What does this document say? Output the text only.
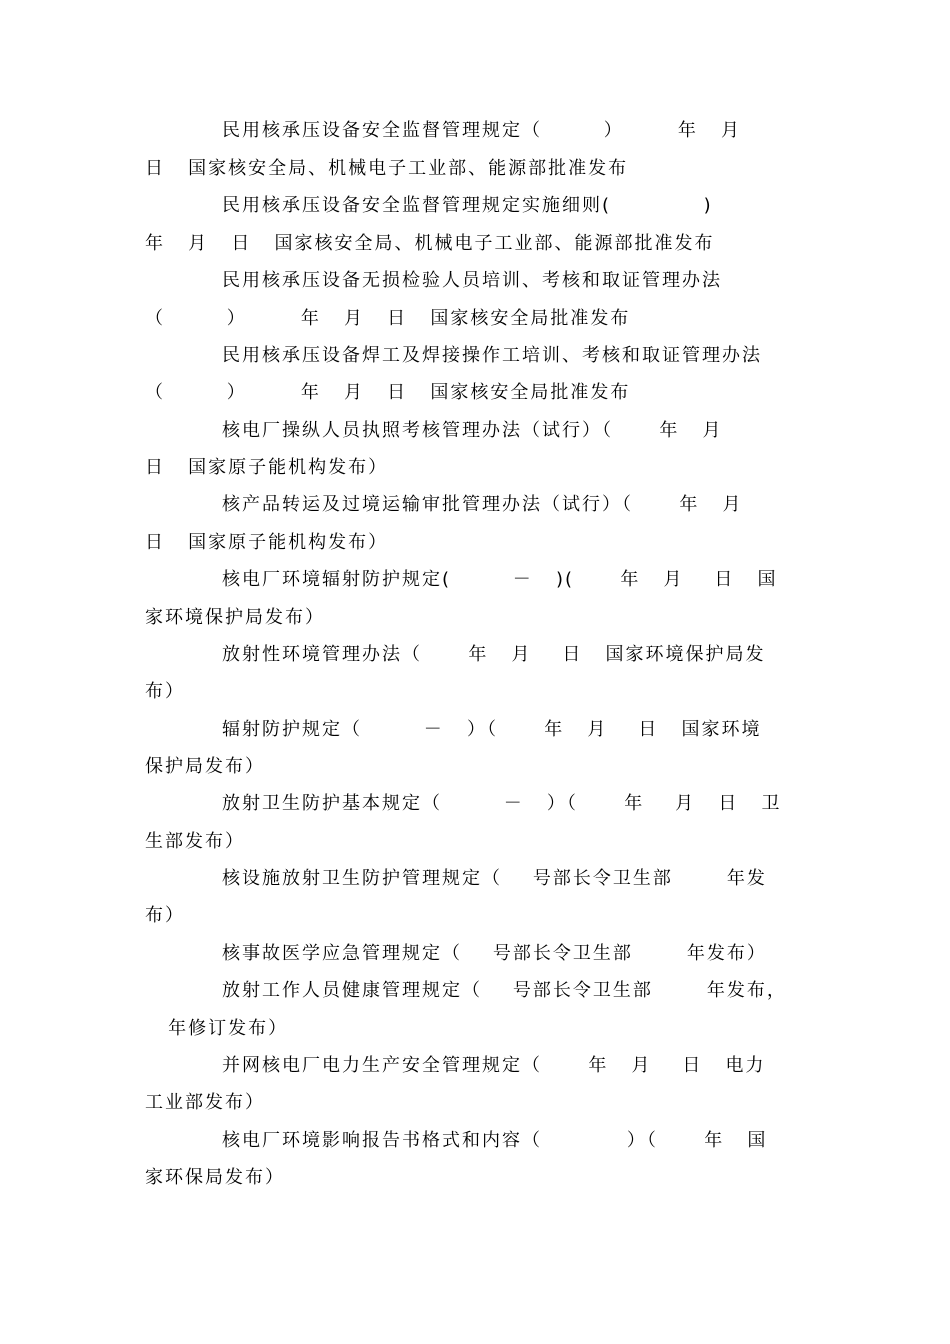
民用核承压设备安全监督管理规定（        ）       年   月
日   国家核安全局、机械电子工业部、能源部批准发布
民用核承压设备安全监督管理规定实施细则(            )
年   月   日   国家核安全局、机械电子工业部、能源部批准发布
民用核承压设备无损检验人员培训、考核和取证管理办法
（        ）       年   月   日   国家核安全局批准发布
民用核承压设备焊工及焊接操作工培训、考核和取证管理办法
（        ）       年   月   日   国家核安全局批准发布
核电厂操纵人员执照考核管理办法（试行）（      年   月
日   国家原子能机构发布）
核产品转运及过境运输审批管理办法（试行）（      年   月
日   国家原子能机构发布）
核电厂环境辐射防护规定(        －   )(      年   月    日   国
家环境保护局发布）
放射性环境管理办法（      年   月    日   国家环境保护局发
布）
辐射防护规定（        －   ）（      年   月    日   国家环境
保护局发布）
放射卫生防护基本规定（        －   ）（      年    月   日   卫
生部发布）
核设施放射卫生防护管理规定（    号部长令卫生部       年发
布）
核事故医学应急管理规定（    号部长令卫生部       年发布）
放射工作人员健康管理规定（    号部长令卫生部       年发布，
年修订发布）
并网核电厂电力生产安全管理规定（      年   月    日   电力
工业部发布）
核电厂环境影响报告书格式和内容（           ）（      年   国
家环保局发布）
